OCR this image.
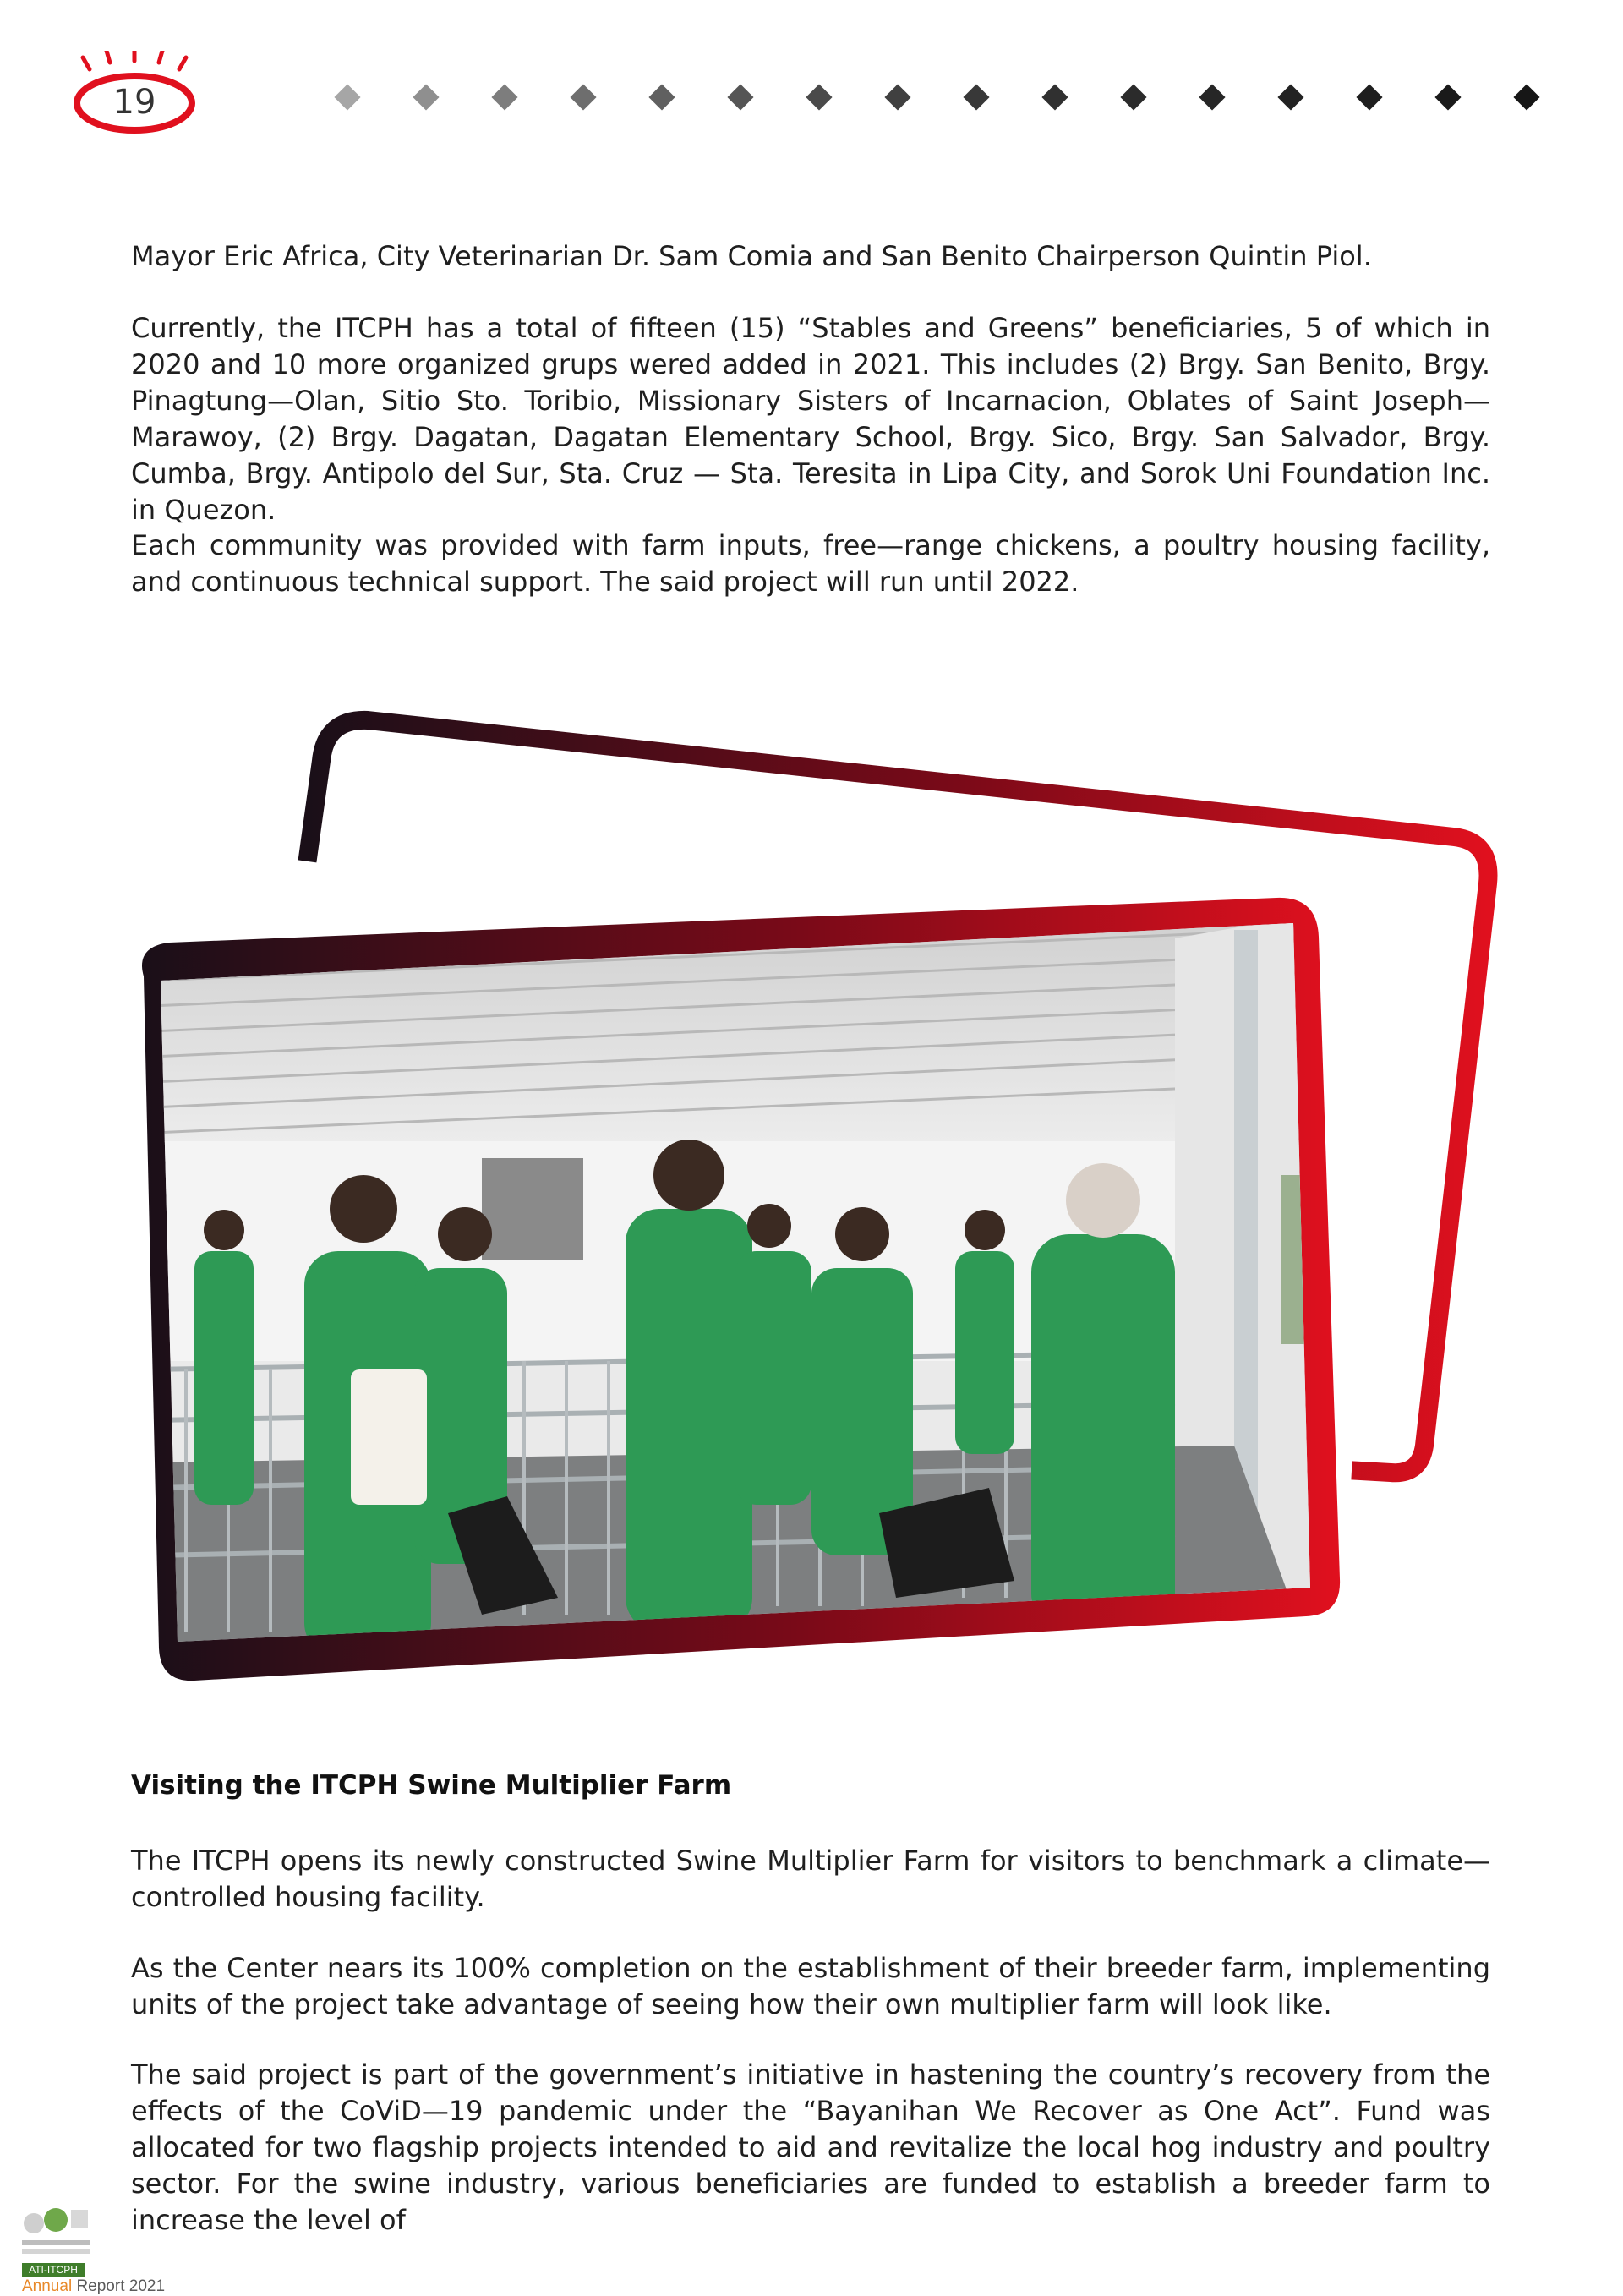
19

Mayor Eric Africa, City Veterinarian Dr. Sam Comia and San Benito Chairperson Quintin Piol.

Currently, the ITCPH has a total of fifteen (15) “Stables and Greens” beneficiaries, 5 of which in 2020 and 10 more organized grups wered added in 2021. This includes (2) Brgy. San Benito, Brgy. Pinagtung—Olan, Sitio Sto. Toribio, Missionary Sisters of Incarnacion, Oblates of Saint Joseph— Marawoy, (2) Brgy. Dagatan, Dagatan Elementary School, Brgy. Sico, Brgy. San Salvador, Brgy. Cumba, Brgy. Antipolo del Sur, Sta. Cruz — Sta. Teresita in Lipa City, and Sorok Uni Foundation Inc. in Quezon.

Each community was provided with farm inputs, free—range chickens, a poultry housing facility, and continuous technical support. The said project will run until 2022.

Visiting the ITCPH Swine Multiplier Farm

The ITCPH opens its newly constructed Swine Multiplier Farm for visitors to benchmark a climate—controlled housing facility.

As the Center nears its 100% completion on the establishment of their breeder farm, implementing units of the project take advantage of seeing how their own multiplier farm will look like.

The said project is part of the government’s initiative in hastening the country’s recovery from the effects of the CoViD—19 pandemic under the “Bayanihan We Recover as One Act”. Fund was allocated for two flagship projects intended to aid and revitalize the local hog industry and poultry sector. For the swine industry, various beneficiaries are funded to establish a breeder farm to increase the level of

ATI-ITCPH
Annual Report 2021
